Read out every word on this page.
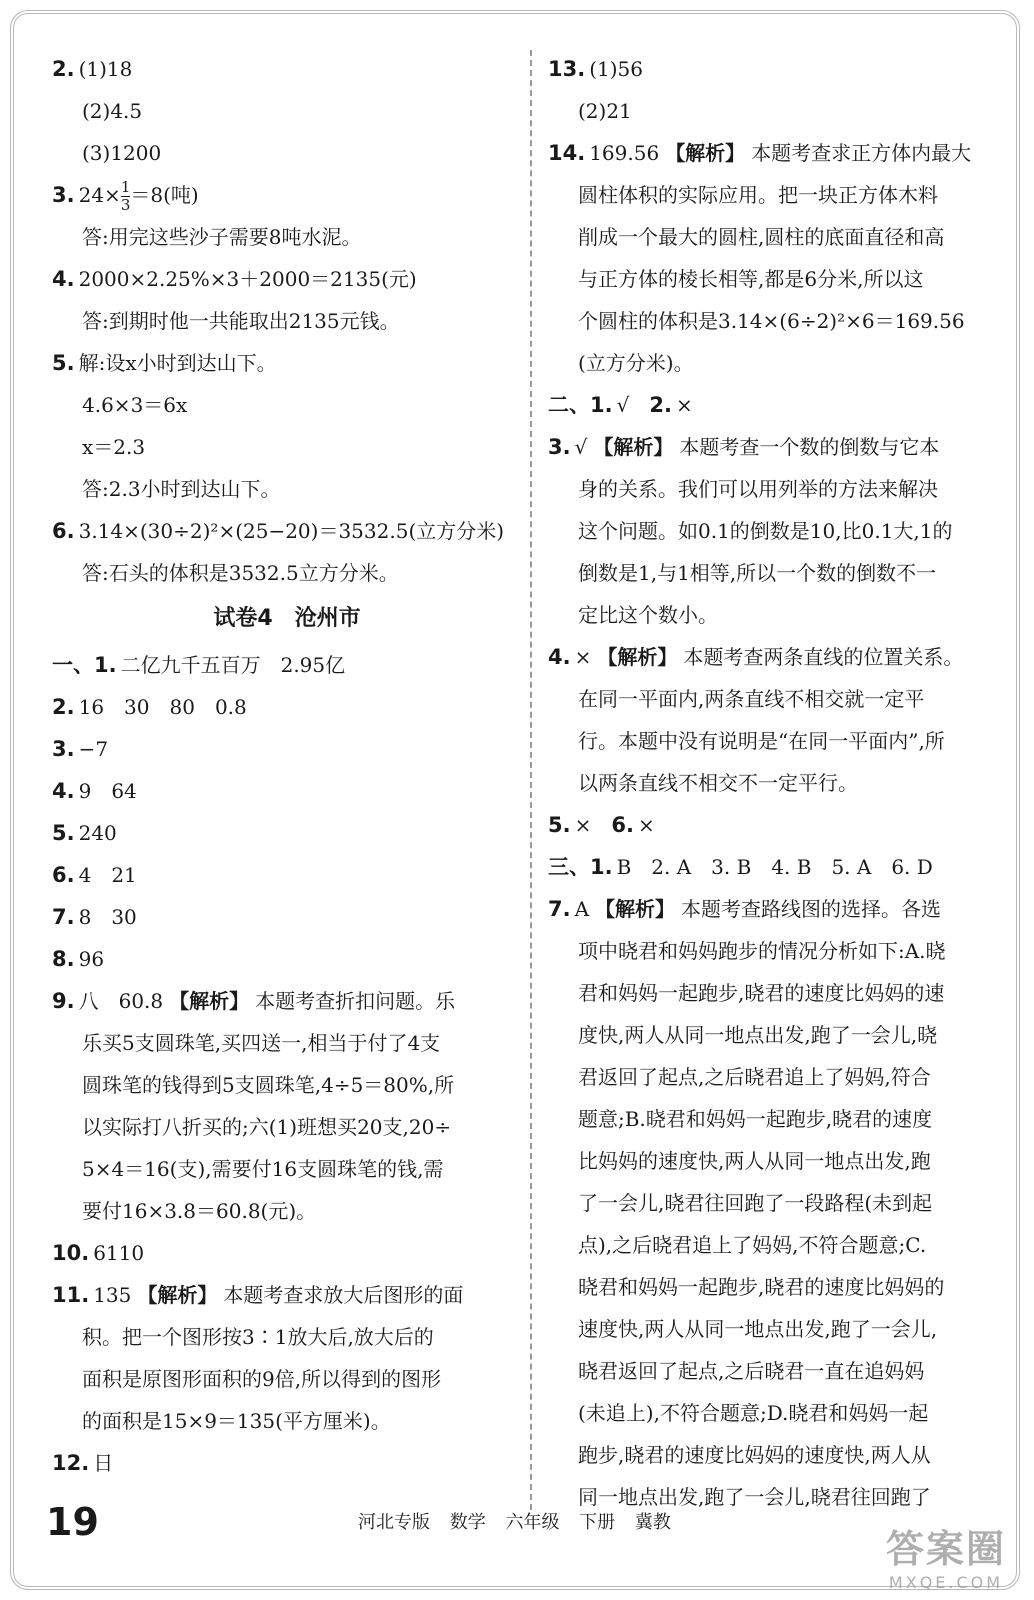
2. (1)18
(2)4.5
(3)1200
3. $24\times\frac{1}{3} =8$(吨)
答:用完这些沙子需要8吨水泥。
4. 2000×2.25%×3＋2000＝2135(元)
答:到期时他一共能取出2135元钱。
5. 解:设x小时到达山下。
4.6×3＝6x
x＝2.3
答:2.3小时到达山下。
6. 3.14×(30÷2)²×(25−20)＝3532.5(立方分米)
答:石头的体积是3532.5立方分米。
试卷4　沧州市
一、1. 二亿九千五百万　2.95亿
2. 16　30　80　0.8
3. −7
4. 9　64
5. 240
6. 4　21
7. 8　30
8. 96
9. 八　60.8 【解析】 本题考查折扣问题。乐
乐买5支圆珠笔,买四送一,相当于付了4支
圆珠笔的钱得到5支圆珠笔,4÷5＝80%,所
以实际打八折买的;六(1)班想买20支,20÷
5×4＝16(支),需要付16支圆珠笔的钱,需
要付16×3.8＝60.8(元)。
10. 6110
11. 135 【解析】 本题考查求放大后图形的面
积。把一个图形按3∶1放大后,放大后的
面积是原图形面积的9倍,所以得到的图形
的面积是15×9＝135(平方厘米)。
12. 日
13. (1)56
(2)21
14. 169.56 【解析】 本题考查求正方体内最大
圆柱体积的实际应用。把一块正方体木料
削成一个最大的圆柱,圆柱的底面直径和高
与正方体的棱长相等,都是6分米,所以这
个圆柱的体积是3.14×(6÷2)²×6＝169.56
(立方分米)。
二、1. √　2. ×
3. √ 【解析】 本题考查一个数的倒数与它本
身的关系。我们可以用列举的方法来解决
这个问题。如0.1的倒数是10,比0.1大,1的
倒数是1,与1相等,所以一个数的倒数不一
定比这个数小。
4. × 【解析】 本题考查两条直线的位置关系。
在同一平面内,两条直线不相交就一定平
行。本题中没有说明是“在同一平面内”,所
以两条直线不相交不一定平行。
5. ×　6. ×
三、1. B　2. A　3. B　4. B　5. A　6. D
7. A 【解析】 本题考查路线图的选择。各选
项中晓君和妈妈跑步的情况分析如下:A.晓
君和妈妈一起跑步,晓君的速度比妈妈的速
度快,两人从同一地点出发,跑了一会儿,晓
君返回了起点,之后晓君追上了妈妈,符合
题意;B.晓君和妈妈一起跑步,晓君的速度
比妈妈的速度快,两人从同一地点出发,跑
了一会儿,晓君往回跑了一段路程(未到起
点),之后晓君追上了妈妈,不符合题意;C.
晓君和妈妈一起跑步,晓君的速度比妈妈的
速度快,两人从同一地点出发,跑了一会儿,
晓君返回了起点,之后晓君一直在追妈妈
(未追上),不符合题意;D.晓君和妈妈一起
跑步,晓君的速度比妈妈的速度快,两人从
同一地点出发,跑了一会儿,晓君往回跑了
19	河北专版 数学 六年级 下册 冀教
答案圈
MXQE.COM
